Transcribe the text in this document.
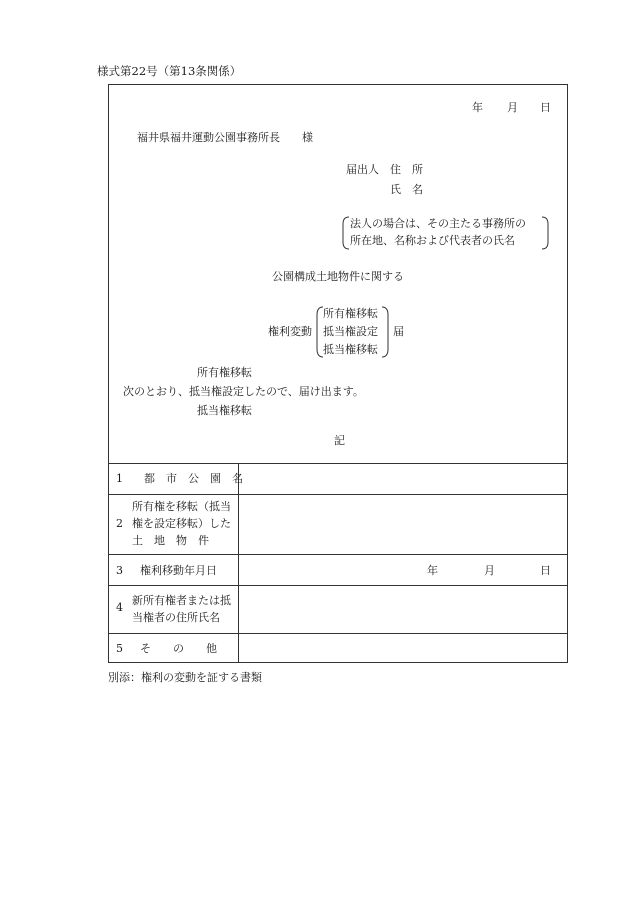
様式第22号（第13条関係）
年 月 日
福井県福井運動公園事務所長　　様
届出人 住　所
氏　名
法人の場合は、その主たる事務所の
所在地、名称および代表者の氏名
公園構成土地物件に関する
権利変動
所有権移転
抵当権設定
抵当権移転
届
所有権移転
次のとおり、抵当権設定したので、届け出ます。
抵当権移転
記
1 都　市　公　園　名
2
所有権を移転（抵当
権を設定移転）した
土　地　物　件
3 権利移動年月日	年	月	日
4
新所有権者または抵
当権者の住所氏名
5 そ　　の　　他
別添：権利の変動を証する書類
